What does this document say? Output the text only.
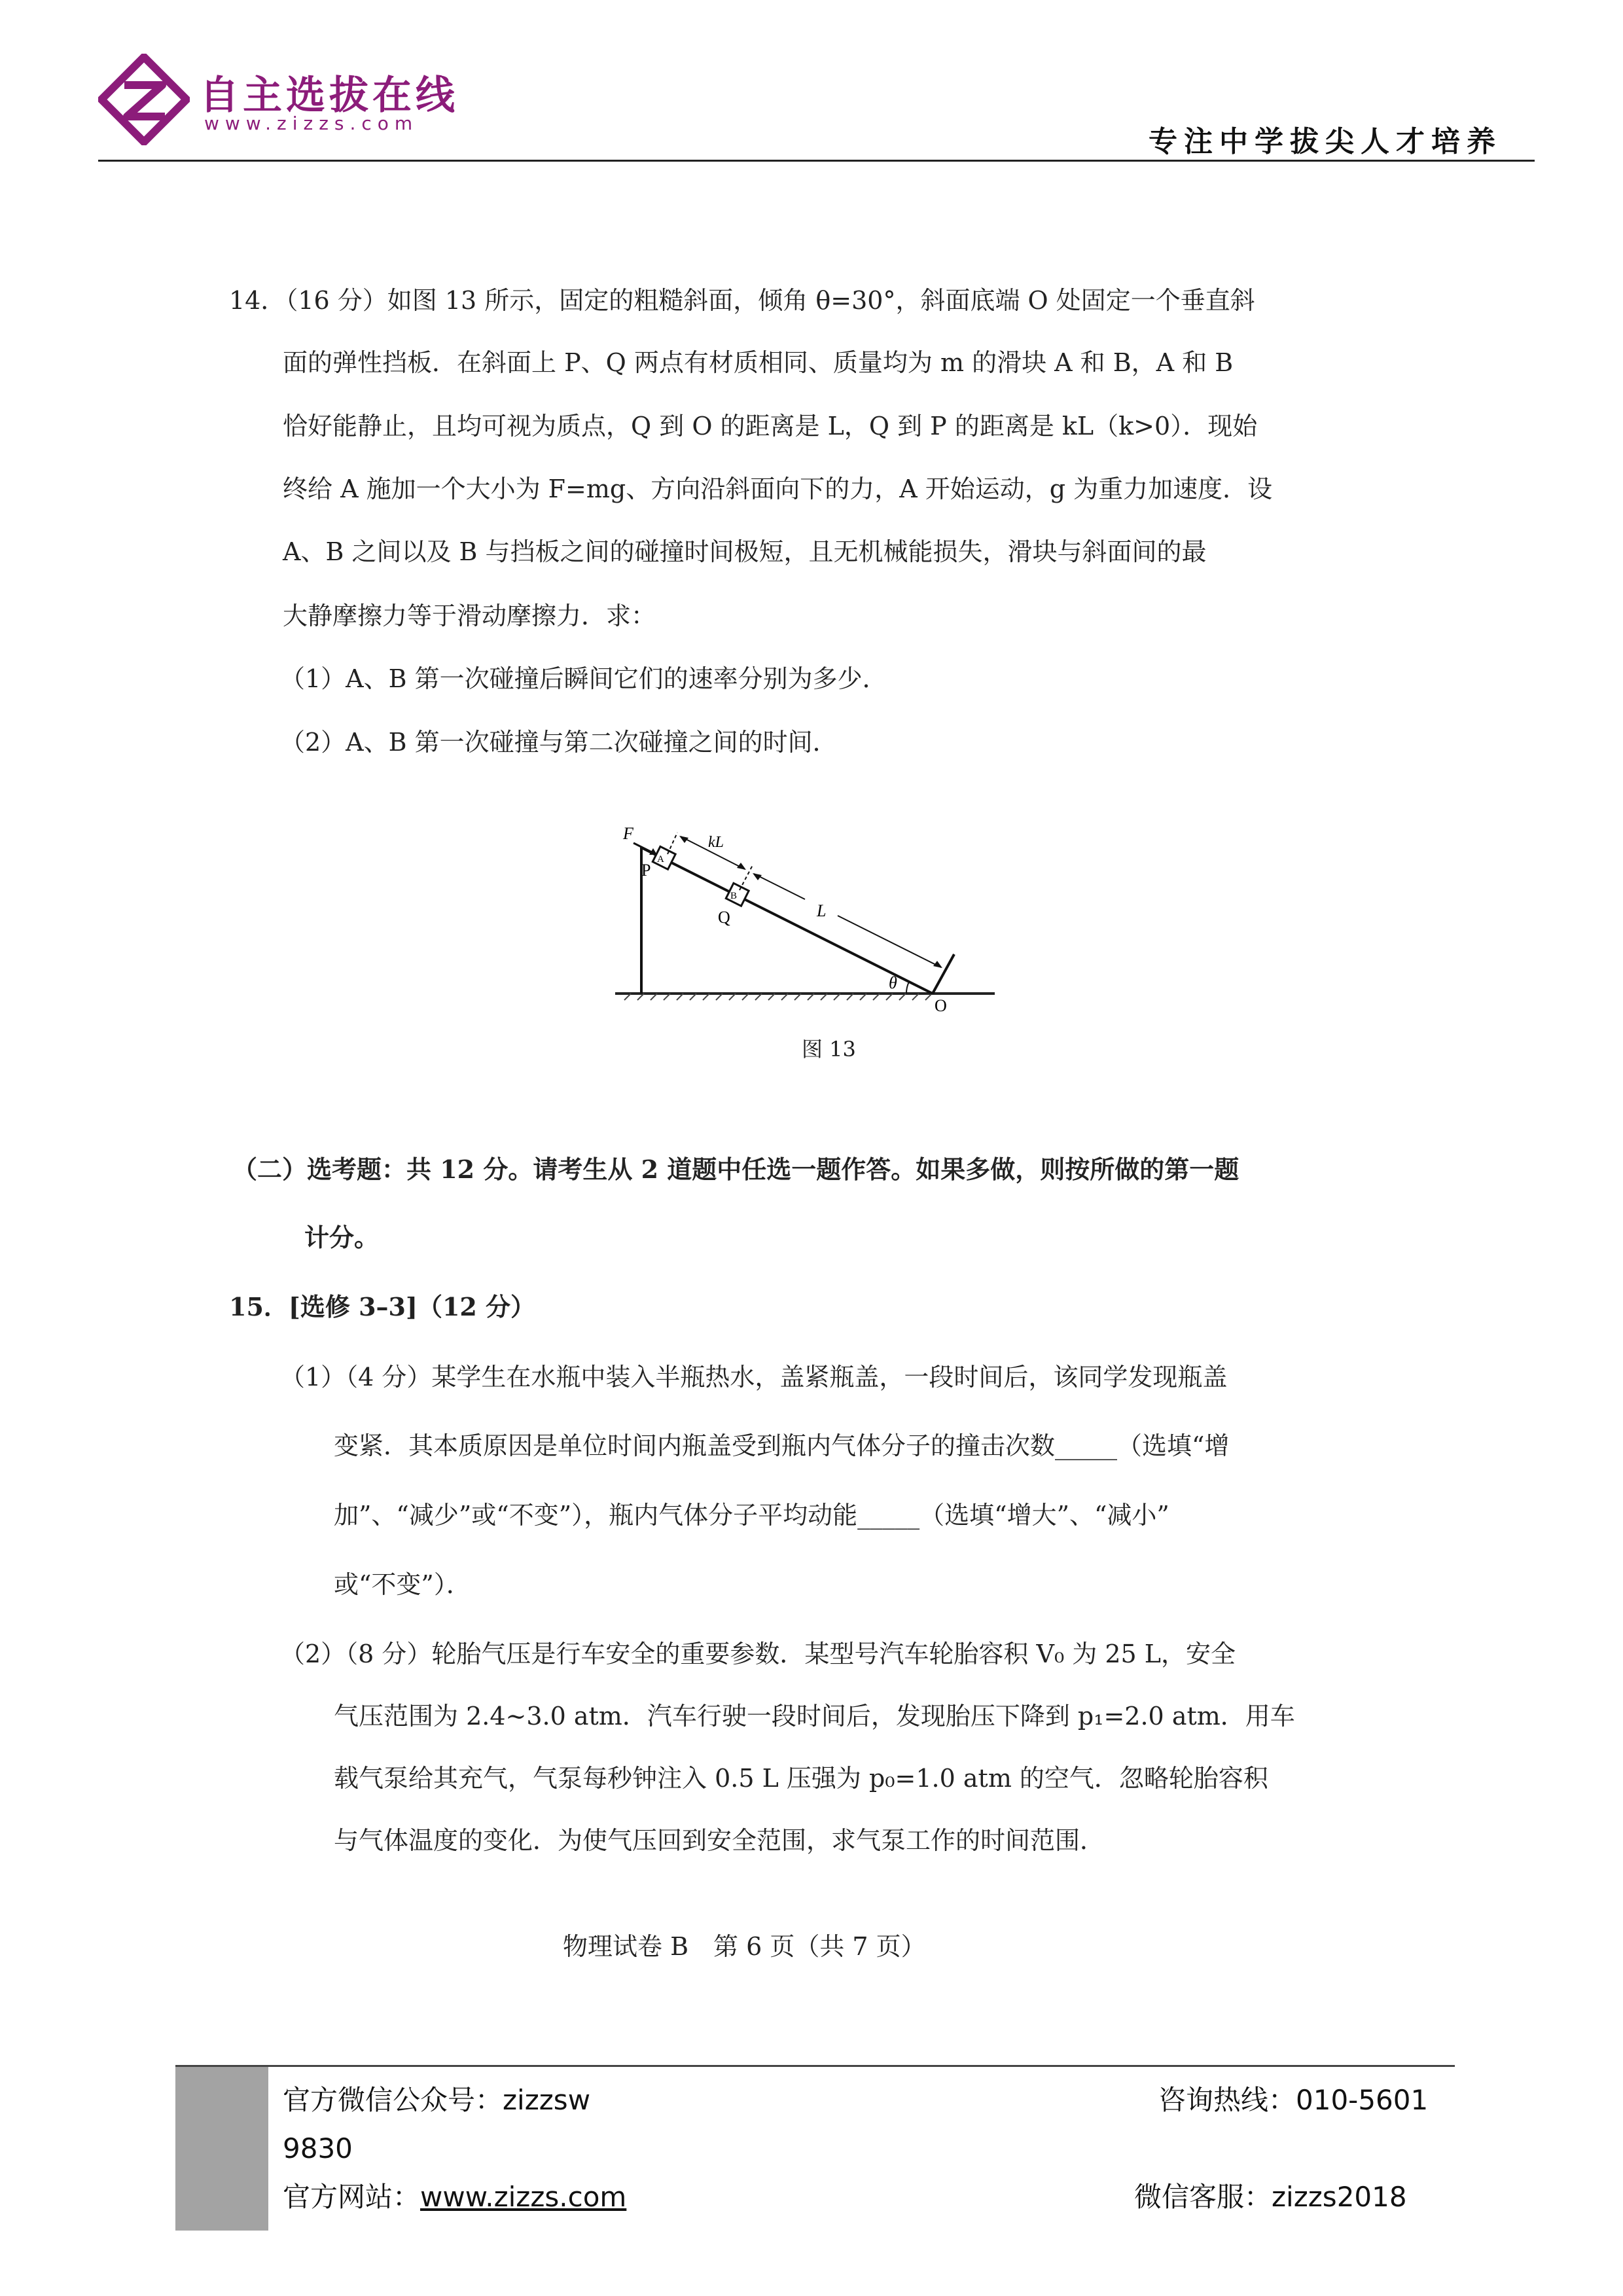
自主选拔在线
www.zizzs.com
专注中学拔尖人才培养
14．（16 分）如图 13 所示，固定的粗糙斜面，倾角 θ=30°，斜面底端 O 处固定一个垂直斜
面的弹性挡板．在斜面上 P、Q 两点有材质相同、质量均为 m 的滑块 A 和 B，A 和 B
恰好能静止，且均可视为质点，Q 到 O 的距离是 L，Q 到 P 的距离是 kL（k>0）．现始
终给 A 施加一个大小为 F=mg、方向沿斜面向下的力，A 开始运动，g 为重力加速度．设
A、B 之间以及 B 与挡板之间的碰撞时间极短，且无机械能损失，滑块与斜面间的最
大静摩擦力等于滑动摩擦力．求：
（1）A、B 第一次碰撞后瞬间它们的速率分别为多少．
（2）A、B 第一次碰撞与第二次碰撞之间的时间．
F
P
A
Q
B
kL
L
θ
O
图 13
（二）选考题：共 12 分。请考生从 2 道题中任选一题作答。如果多做，则按所做的第一题
计分。
15．[选修 3–3]（12 分）
（1）（4 分）某学生在水瓶中装入半瓶热水，盖紧瓶盖，一段时间后，该同学发现瓶盖
变紧．其本质原因是单位时间内瓶盖受到瓶内气体分子的撞击次数_____（选填“增
加”、“减少”或“不变”），瓶内气体分子平均动能_____（选填“增大”、“减小”
或“不变”）．
（2）（8 分）轮胎气压是行车安全的重要参数．某型号汽车轮胎容积 V₀ 为 25 L，安全
气压范围为 2.4~3.0 atm．汽车行驶一段时间后，发现胎压下降到 p₁=2.0 atm．用车
载气泵给其充气，气泵每秒钟注入 0.5 L 压强为 p₀=1.0 atm 的空气．忽略轮胎容积
与气体温度的变化．为使气压回到安全范围，求气泵工作的时间范围．
物理试卷 B　第 6 页（共 7 页）
官方微信公众号：zizzsw	咨询热线：010-5601
9830
官方网站：www.zizzs.com	微信客服：zizzs2018
